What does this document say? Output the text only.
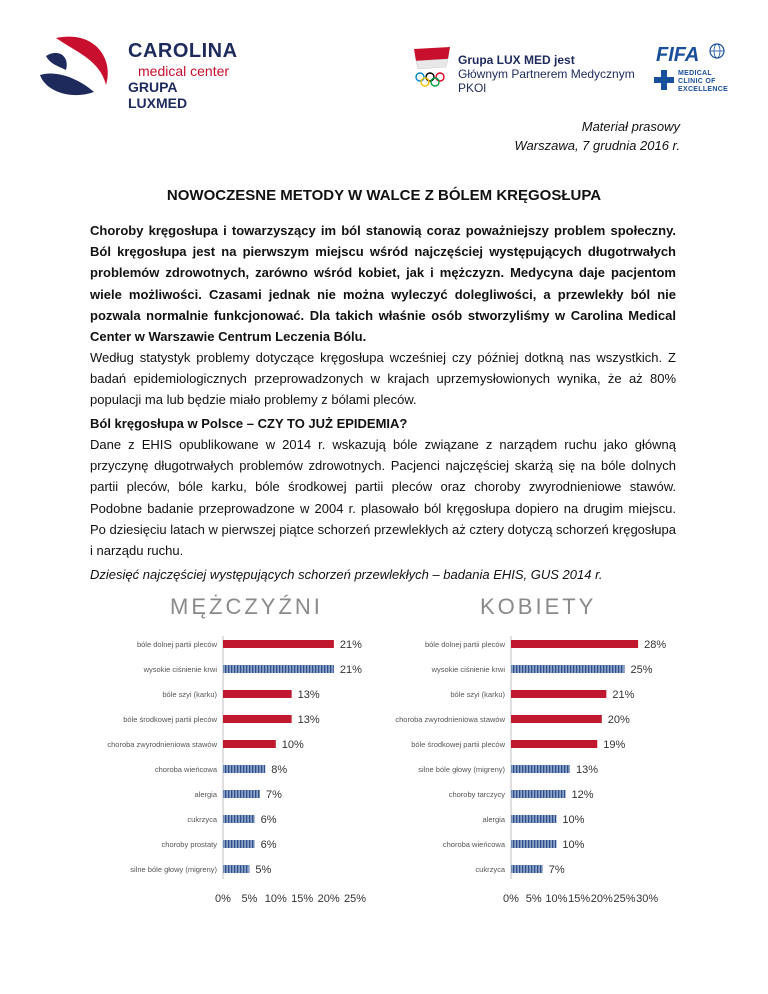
CAROLINA
medical center
GRUPA LUXMED
Grupa LUX MED jest
Głównym Partnerem Medycznym PKOl
FIFA
MEDICAL
CLINIC OF
EXCELLENCE
Materiał prasowy
Warszawa, 7 grudnia 2016 r.
NOWOCZESNE METODY W WALCE Z BÓLEM KRĘGOSŁUPA
Choroby kręgosłupa i towarzyszący im ból stanowią coraz poważniejszy problem społeczny. Ból kręgosłupa jest na pierwszym miejscu wśród najczęściej występujących długotrwałych problemów zdrowotnych, zarówno wśród kobiet, jak i mężczyzn. Medycyna daje pacjentom wiele możliwości. Czasami jednak nie można wyleczyć dolegliwości, a przewlekły ból nie pozwala normalnie funkcjonować. Dla takich właśnie osób stworzyliśmy w Carolina Medical Center w Warszawie Centrum Leczenia Bólu.
Według statystyk problemy dotyczące kręgosłupa wcześniej czy później dotkną nas wszystkich. Z badań epidemiologicznych przeprowadzonych w krajach uprzemysłowionych wynika, że aż 80% populacji ma lub będzie miało problemy z bólami pleców.
Ból kręgosłupa w Polsce – CZY TO JUŻ EPIDEMIA?
Dane z EHIS opublikowane w 2014 r. wskazują bóle związane z narządem ruchu jako główną przyczynę długotrwałych problemów zdrowotnych. Pacjenci najczęściej skarżą się na bóle dolnych partii pleców, bóle karku, bóle środkowej partii pleców oraz choroby zwyrodnieniowe stawów. Podobne badanie przeprowadzone w 2004 r. plasowało ból kręgosłupa dopiero na drugim miejscu. Po dziesięciu latach w pierwszej piątce schorzeń przewlekłych aż cztery dotyczą schorzeń kręgosłupa i narządu ruchu.
Dziesięć najczęściej występujących schorzeń przewlekłych – badania EHIS, GUS 2014 r.
MĘŻCZYŹNI	KOBIETY
bóle dolnej partii pleców	21%
wysokie ciśnienie krwi	21%
bóle szyi (karku)	13%
bóle środkowej partii pleców	13%
choroba zwyrodnieniowa stawów	10%
choroba wieńcowa	8%
alergia	7%
cukrzyca	6%
choroby prostaty	6%
silne bóle głowy (migreny)	5%
0% 5% 10% 15% 20% 25%
bóle dolnej partii pleców	28%
wysokie ciśnienie krwi	25%
bóle szyi (karku)	21%
choroba zwyrodnieniowa stawów	20%
bóle środkowej partii pleców	19%
silne bóle głowy (migreny)	13%
choroby tarczycy	12%
alergia	10%
choroba wieńcowa	10%
cukrzyca	7%
0% 5% 10% 15% 20% 25% 30%
